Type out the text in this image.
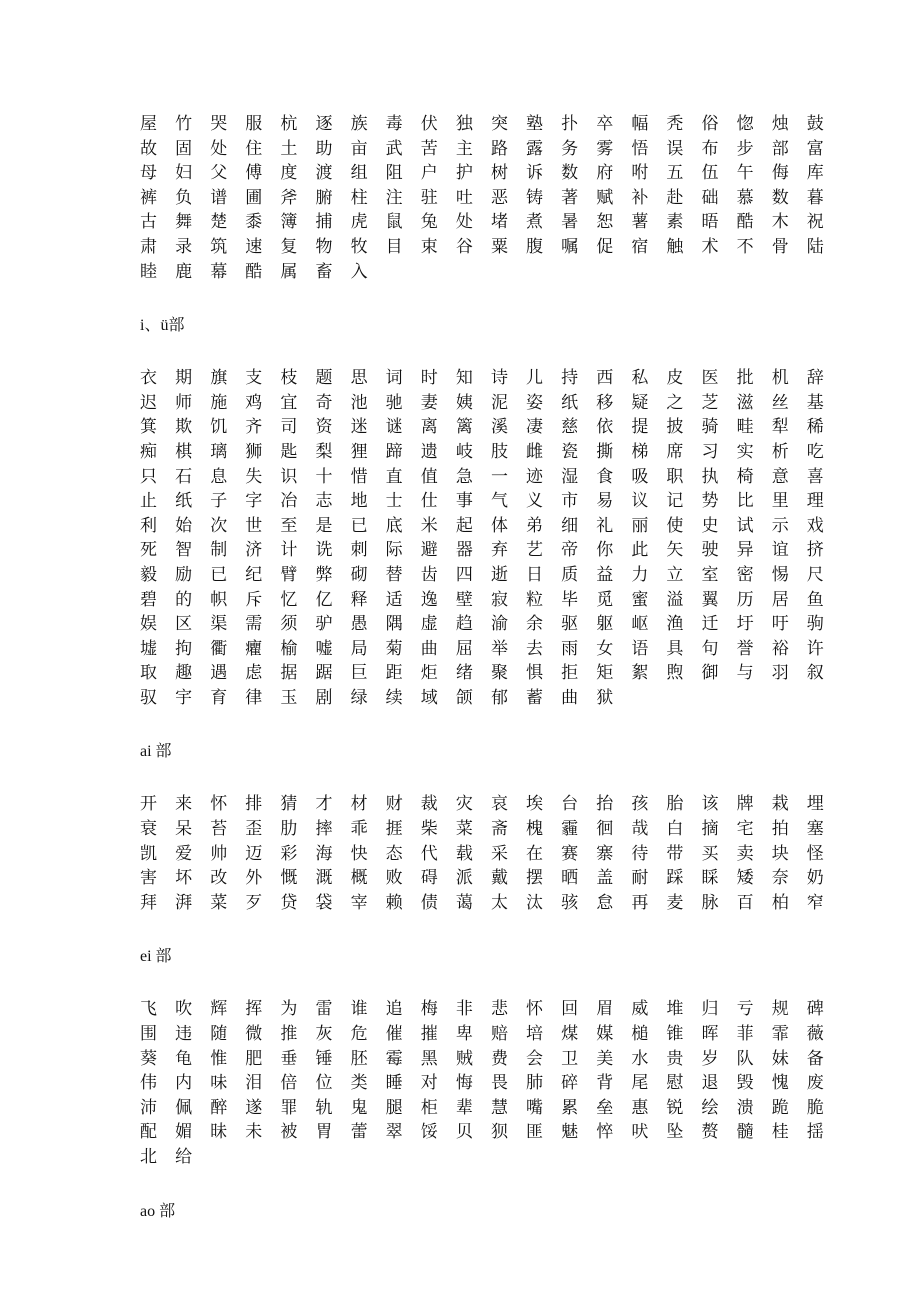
屋	竹	哭	服	杭	逐	族	毒	伏	独	突	塾	扑	卒	幅	秃	俗	惚	烛	鼓
故	固	处	住	土	助	亩	武	苦	主	路	露	务	雾	悟	误	布	步	部	富
母	妇	父	傅	度	渡	组	阻	户	护	树	诉	数	府	咐	五	伍	午	侮	库
裤	负	谱	圃	斧	腑	柱	注	驻	吐	恶	铸	著	赋	补	赴	础	慕	数	暮
古	舞	楚	黍	簿	捕	虎	鼠	兔	处	堵	煮	暑	恕	薯	素	晤	酷	木	祝
肃	录	筑	速	复	物	牧	目	束	谷	粟	腹	嘱	促	宿	触	术	不	骨	陆
睦	鹿	幕	酷	属	畜	入
i、ü部
衣	期	旗	支	枝	题	思	词	时	知	诗	儿	持	西	私	皮	医	批	机	辞
迟	师	施	鸡	宜	奇	池	驰	妻	姨	泥	姿	纸	移	疑	之	芝	滋	丝	基
箕	欺	饥	齐	司	资	迷	谜	离	篱	溪	凄	慈	依	提	披	骑	畦	犁	稀
痴	棋	璃	狮	匙	梨	狸	蹄	遗	岐	肢	雌	瓷	撕	梯	席	习	实	析	吃
只	石	息	失	识	十	惜	直	值	急	一	迹	湿	食	吸	职	执	椅	意	喜
止	纸	子	字	冶	志	地	士	仕	事	气	义	市	易	议	记	势	比	里	理
利	始	次	世	至	是	已	底	米	起	体	弟	细	礼	丽	使	史	试	示	戏
死	智	制	济	计	诜	刺	际	避	器	弃	艺	帝	你	此	矢	驶	异	谊	挤
毅	励	已	纪	臂	弊	砌	替	齿	四	逝	日	质	益	力	立	室	密	惕	尺
碧	的	帜	斥	忆	亿	释	适	逸	壁	寂	粒	毕	觅	蜜	溢	翼	历	居	鱼
娱	区	渠	需	须	驴	愚	隅	虚	趋	渝	余	驱	躯	岖	渔	迁	圩	吁	驹
墟	拘	衢	癯	榆	嘘	局	菊	曲	屈	举	去	雨	女	语	具	句	誉	裕	许
取	趣	遇	虑	据	踞	巨	距	炬	绪	聚	惧	拒	矩	絮	煦	御	与	羽	叙
驭	宇	育	律	玉	剧	绿	续	域	颌	郁	蓄	曲	狱
ai 部
开	来	怀	排	猜	才	材	财	裁	灾	哀	埃	台	抬	孩	胎	该	牌	栽	埋
衰	呆	苔	歪	肋	摔	乖	捱	柴	菜	斋	槐	霾	徊	哉	白	摘	宅	拍	塞
凯	爱	帅	迈	彩	海	快	态	代	载	采	在	赛	寨	待	带	买	卖	块	怪
害	坏	改	外	慨	溉	概	败	碍	派	戴	摆	晒	盖	耐	踩	睬	矮	奈	奶
拜	湃	菜	歹	贷	袋	宰	赖	债	蔼	太	汰	骇	怠	再	麦	脉	百	柏	窄
ei 部
飞	吹	辉	挥	为	雷	谁	追	梅	非	悲	怀	回	眉	威	堆	归	亏	规	碑
围	违	随	微	推	灰	危	催	摧	卑	赔	培	煤	媒	槌	锥	晖	菲	霏	薇
葵	龟	惟	肥	垂	锤	胚	霉	黑	贼	费	会	卫	美	水	贵	岁	队	妹	备
伟	内	味	泪	倍	位	类	睡	对	悔	畏	肺	碎	背	尾	慰	退	毁	愧	废
沛	佩	醉	遂	罪	轨	鬼	腿	柜	辈	慧	嘴	累	垒	惠	锐	绘	溃	跪	脆
配	媚	昧	未	被	胃	蕾	翠	馁	贝	狈	匪	魅	悴	吠	坠	赘	髓	桂	揺
北	给
ao 部
